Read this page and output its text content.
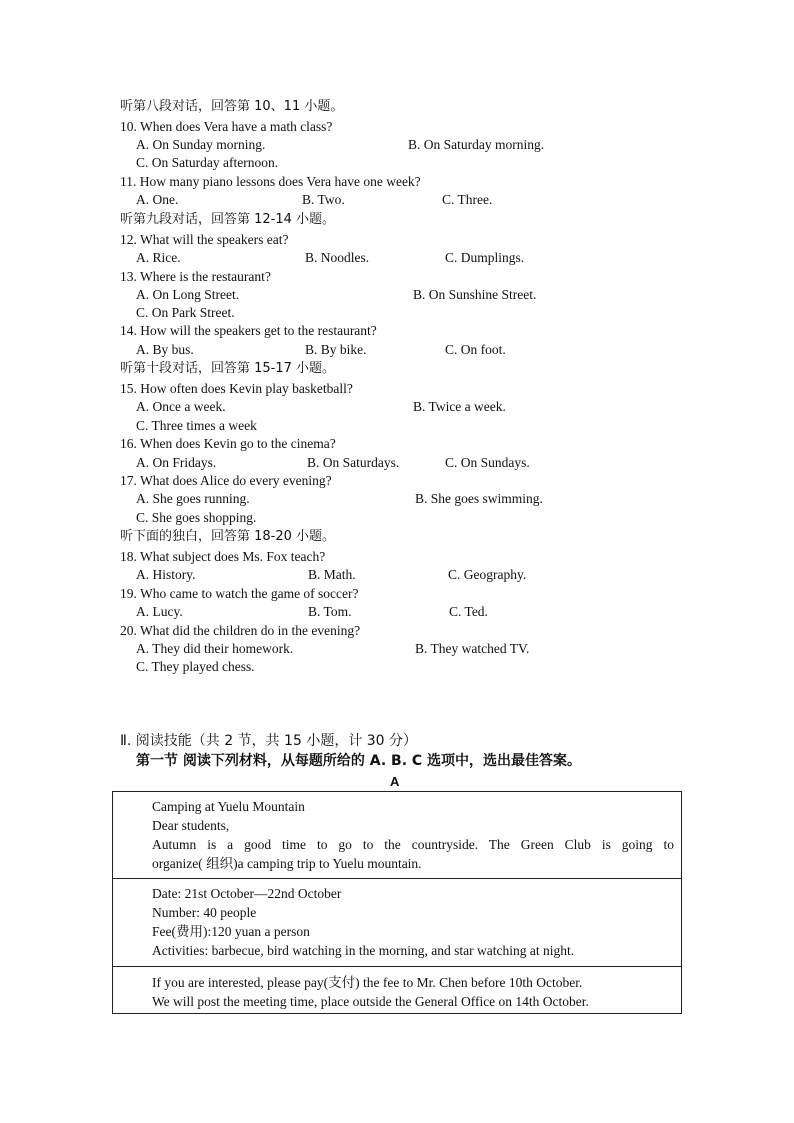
听第八段对话，回答第 10、11 小题。
10. When does Vera have a math class?
A. On Sunday morning.	B. On Saturday morning.
C. On Saturday afternoon.
11. How many piano lessons does Vera have one week?
A. One.	B. Two.	C. Three.
听第九段对话，回答第 12-14 小题。
12. What will the speakers eat?
A. Rice.	B. Noodles.	C. Dumplings.
13. Where is the restaurant?
A. On Long Street.	B. On Sunshine Street.
C. On Park Street.
14. How will the speakers get to the restaurant?
A. By bus.	B. By bike.	C. On foot.
听第十段对话，回答第 15-17 小题。
15. How often does Kevin play basketball?
A. Once a week.	B. Twice a week.
C. Three times a week
16. When does Kevin go to the cinema?
A. On Fridays.	B. On Saturdays.	C. On Sundays.
17. What does Alice do every evening?
A. She goes running.	B. She goes swimming.
C. She goes shopping.
听下面的独白，回答第 18-20 小题。
18. What subject does Ms. Fox teach?
A. History.	B. Math.	C. Geography.
19. Who came to watch the game of soccer?
A. Lucy.	B. Tom.	C. Ted.
20. What did the children do in the evening?
A. They did their homework.	B. They watched TV.
C. They played chess.
Ⅱ. 阅读技能（共 2 节，共 15 小题，计 30 分）
第一节 阅读下列材料，从每题所给的 A. B. C 选项中，选出最佳答案。
A
Camping at Yuelu Mountain
Dear students,
Autumn is a good time to go to the countryside. The Green Club is going to
organize( 组织)a camping trip to Yuelu mountain.
Date: 21st October—22nd October
Number: 40 people
Fee(费用):120 yuan a person
Activities: barbecue, bird watching in the morning, and star watching at night.
If you are interested, please pay(支付) the fee to Mr. Chen before 10th October.
We will post the meeting time, place outside the General Office on 14th October.
